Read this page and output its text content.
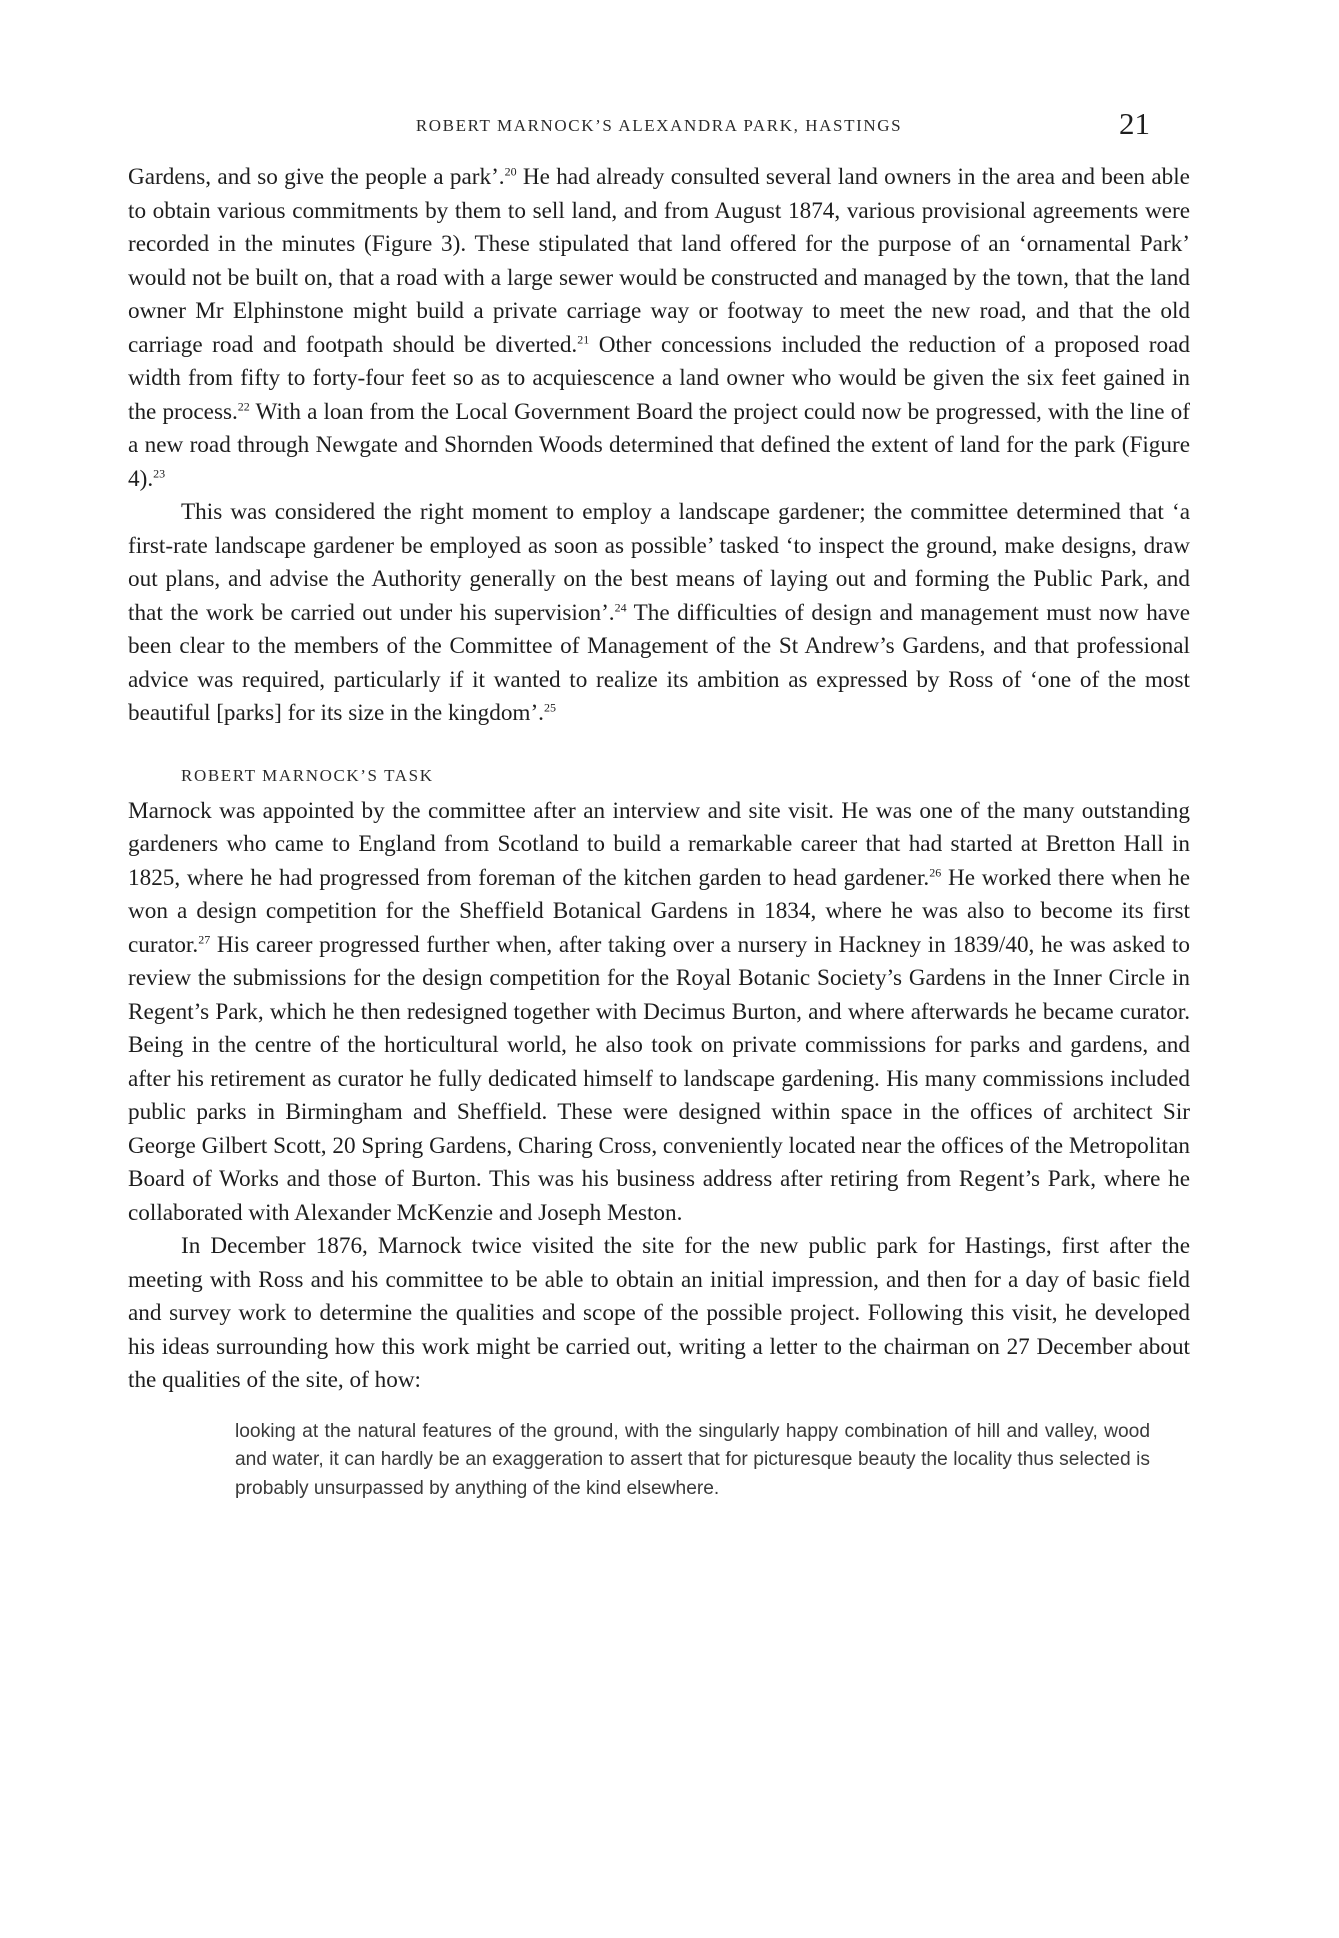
ROBERT MARNOCK’S ALEXANDRA PARK, HASTINGS	21

Gardens, and so give the people a park’.$^{20}$ He had already consulted several land owners in the area and been able to obtain various commitments by them to sell land, and from August 1874, various provisional agreements were recorded in the minutes (Figure 3). These stipulated that land offered for the purpose of an ‘ornamental Park’ would not be built on, that a road with a large sewer would be constructed and managed by the town, that the land owner Mr Elphinstone might build a private carriage way or footway to meet the new road, and that the old carriage road and footpath should be diverted.$^{21}$ Other concessions included the reduction of a proposed road width from fifty to forty-four feet so as to acquiescence a land owner who would be given the six feet gained in the process.$^{22}$ With a loan from the Local Government Board the project could now be progressed, with the line of a new road through Newgate and Shornden Woods determined that defined the extent of land for the park (Figure 4).$^{23}$

This was considered the right moment to employ a landscape gardener; the committee determined that ‘a first-rate landscape gardener be employed as soon as possible’ tasked ‘to inspect the ground, make designs, draw out plans, and advise the Authority generally on the best means of laying out and forming the Public Park, and that the work be carried out under his supervision’.$^{24}$ The difficulties of design and management must now have been clear to the members of the Committee of Management of the St Andrew’s Gardens, and that professional advice was required, particularly if it wanted to realize its ambition as expressed by Ross of ‘one of the most beautiful [parks] for its size in the kingdom’.$^{25}$

ROBERT MARNOCK’S TASK

Marnock was appointed by the committee after an interview and site visit. He was one of the many outstanding gardeners who came to England from Scotland to build a remarkable career that had started at Bretton Hall in 1825, where he had progressed from foreman of the kitchen garden to head gardener.$^{26}$ He worked there when he won a design competition for the Sheffield Botanical Gardens in 1834, where he was also to become its first curator.$^{27}$ His career progressed further when, after taking over a nursery in Hackney in 1839/40, he was asked to review the submissions for the design competition for the Royal Botanic Society’s Gardens in the Inner Circle in Regent’s Park, which he then redesigned together with Decimus Burton, and where afterwards he became curator. Being in the centre of the horticultural world, he also took on private commissions for parks and gardens, and after his retirement as curator he fully dedicated himself to landscape gardening. His many commissions included public parks in Birmingham and Sheffield. These were designed within space in the offices of architect Sir George Gilbert Scott, 20 Spring Gardens, Charing Cross, conveniently located near the offices of the Metropolitan Board of Works and those of Burton. This was his business address after retiring from Regent’s Park, where he collaborated with Alexander McKenzie and Joseph Meston.

In December 1876, Marnock twice visited the site for the new public park for Hastings, first after the meeting with Ross and his committee to be able to obtain an initial impression, and then for a day of basic field and survey work to determine the qualities and scope of the possible project. Following this visit, he developed his ideas surrounding how this work might be carried out, writing a letter to the chairman on 27 December about the qualities of the site, of how:

looking at the natural features of the ground, with the singularly happy combination of hill and valley, wood and water, it can hardly be an exaggeration to assert that for picturesque beauty the locality thus selected is probably unsurpassed by anything of the kind elsewhere.
